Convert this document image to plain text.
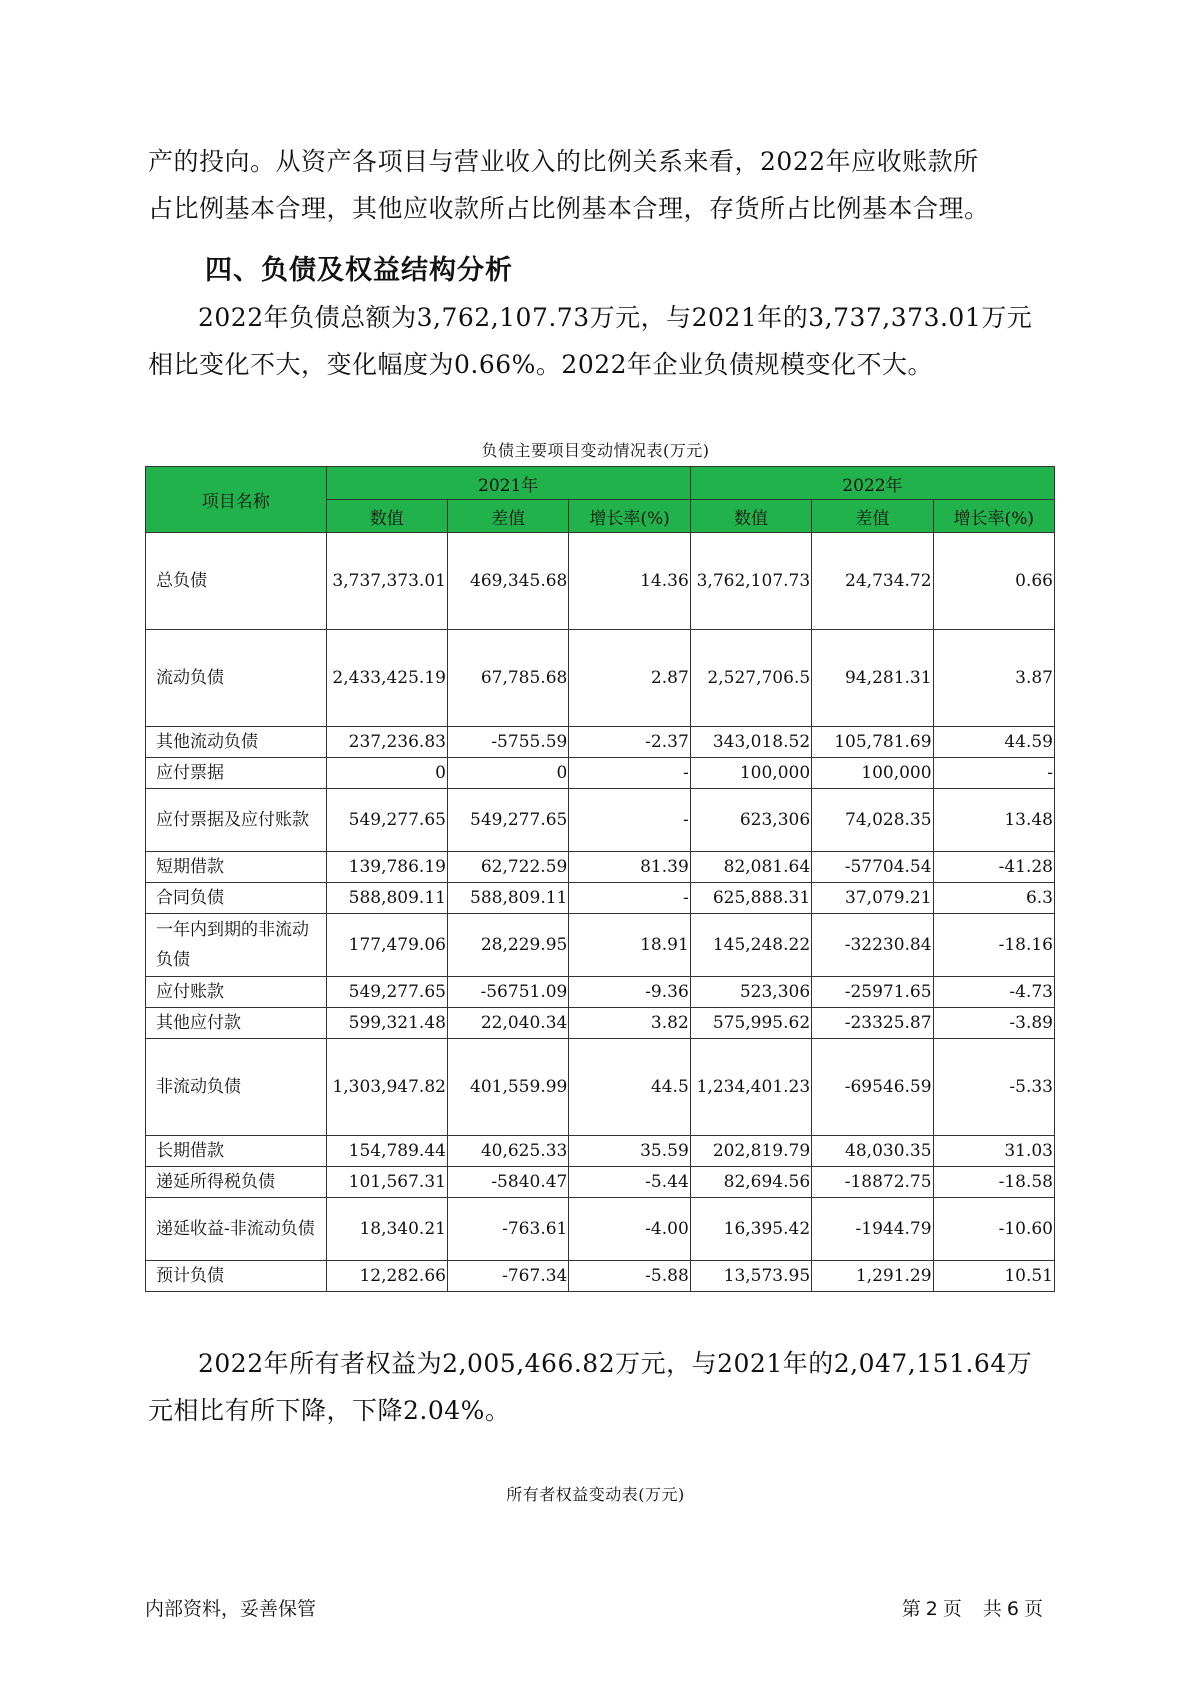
产的投向。从资产各项目与营业收入的比例关系来看，2022年应收账款所
占比例基本合理，其他应收款所占比例基本合理，存货所占比例基本合理。
四、负债及权益结构分析
2022年负债总额为3,762,107.73万元，与2021年的3,737,373.01万元
相比变化不大，变化幅度为0.66%。2022年企业负债规模变化不大。
负债主要项目变动情况表(万元)
项目名称	2021年			2022年		
	数值	差值	增长率(%)	数值	差值	增长率(%)
总负债	3,737,373.01	469,345.68	14.36	3,762,107.73	24,734.72	0.66
流动负债	2,433,425.19	67,785.68	2.87	2,527,706.5	94,281.31	3.87
其他流动负债	237,236.83	-5755.59	-2.37	343,018.52	105,781.69	44.59
应付票据	0	0	-	100,000	100,000	-
应付票据及应付账款	549,277.65	549,277.65	-	623,306	74,028.35	13.48
短期借款	139,786.19	62,722.59	81.39	82,081.64	-57704.54	-41.28
合同负债	588,809.11	588,809.11	-	625,888.31	37,079.21	6.3
一年内到期的非流动负债	177,479.06	28,229.95	18.91	145,248.22	-32230.84	-18.16
应付账款	549,277.65	-56751.09	-9.36	523,306	-25971.65	-4.73
其他应付款	599,321.48	22,040.34	3.82	575,995.62	-23325.87	-3.89
非流动负债	1,303,947.82	401,559.99	44.5	1,234,401.23	-69546.59	-5.33
长期借款	154,789.44	40,625.33	35.59	202,819.79	48,030.35	31.03
递延所得税负债	101,567.31	-5840.47	-5.44	82,694.56	-18872.75	-18.58
递延收益-非流动负债	18,340.21	-763.61	-4.00	16,395.42	-1944.79	-10.60
预计负债	12,282.66	-767.34	-5.88	13,573.95	1,291.29	10.51
2022年所有者权益为2,005,466.82万元，与2021年的2,047,151.64万
元相比有所下降，下降2.04%。
所有者权益变动表(万元)
内部资料，妥善保管	第 2 页　共 6 页
